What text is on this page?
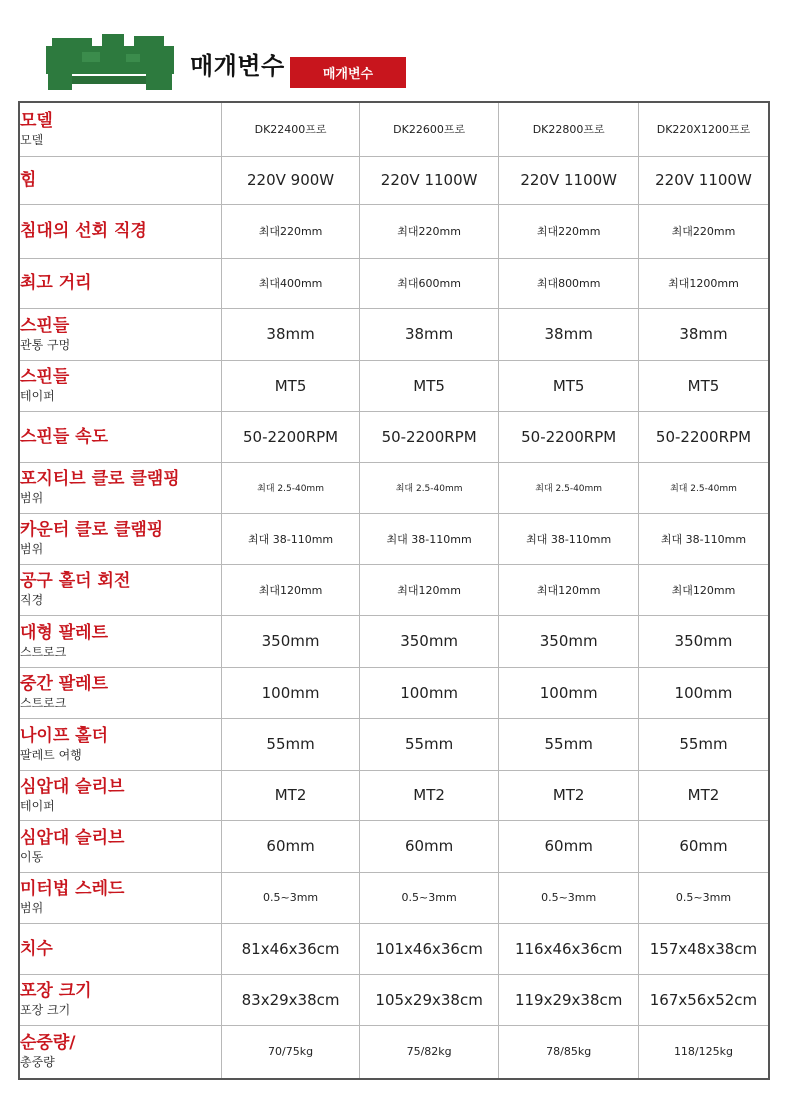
매개변수	매개변수
모델
모델	DK22400프로	DK22600프로	DK22800프로	DK220X1200프로

힘	220V 900W	220V 1100W	220V 1100W	220V 1100W

침대의 선회 직경	최대220mm	최대220mm	최대220mm	최대220mm

최고 거리	최대400mm	최대600mm	최대800mm	최대1200mm

스핀들
관통 구멍	38mm	38mm	38mm	38mm

스핀들
테이퍼	MT5	MT5	MT5	MT5

스핀들 속도	50-2200RPM	50-2200RPM	50-2200RPM	50-2200RPM

포지티브 클로 클램핑
범위	최대 2.5-40mm	최대 2.5-40mm	최대 2.5-40mm	최대 2.5-40mm

카운터 클로 클램핑
범위	최대 38-110mm	최대 38-110mm	최대 38-110mm	최대 38-110mm

공구 홀더 회전
직경	최대120mm	최대120mm	최대120mm	최대120mm

대형 팔레트
스트로크	350mm	350mm	350mm	350mm

중간 팔레트
스트로크	100mm	100mm	100mm	100mm

나이프 홀더
팔레트 여행	55mm	55mm	55mm	55mm

심압대 슬리브
테이퍼	MT2	MT2	MT2	MT2

심압대 슬리브
이동	60mm	60mm	60mm	60mm

미터법 스레드
범위	0.5~3mm	0.5~3mm	0.5~3mm	0.5~3mm

치수	81x46x36cm	101x46x36cm	116x46x36cm	157x48x38cm

포장 크기
포장 크기	83x29x38cm	105x29x38cm	119x29x38cm	167x56x52cm

순중량/
총중량	70/75kg	75/82kg	78/85kg	118/125kg
